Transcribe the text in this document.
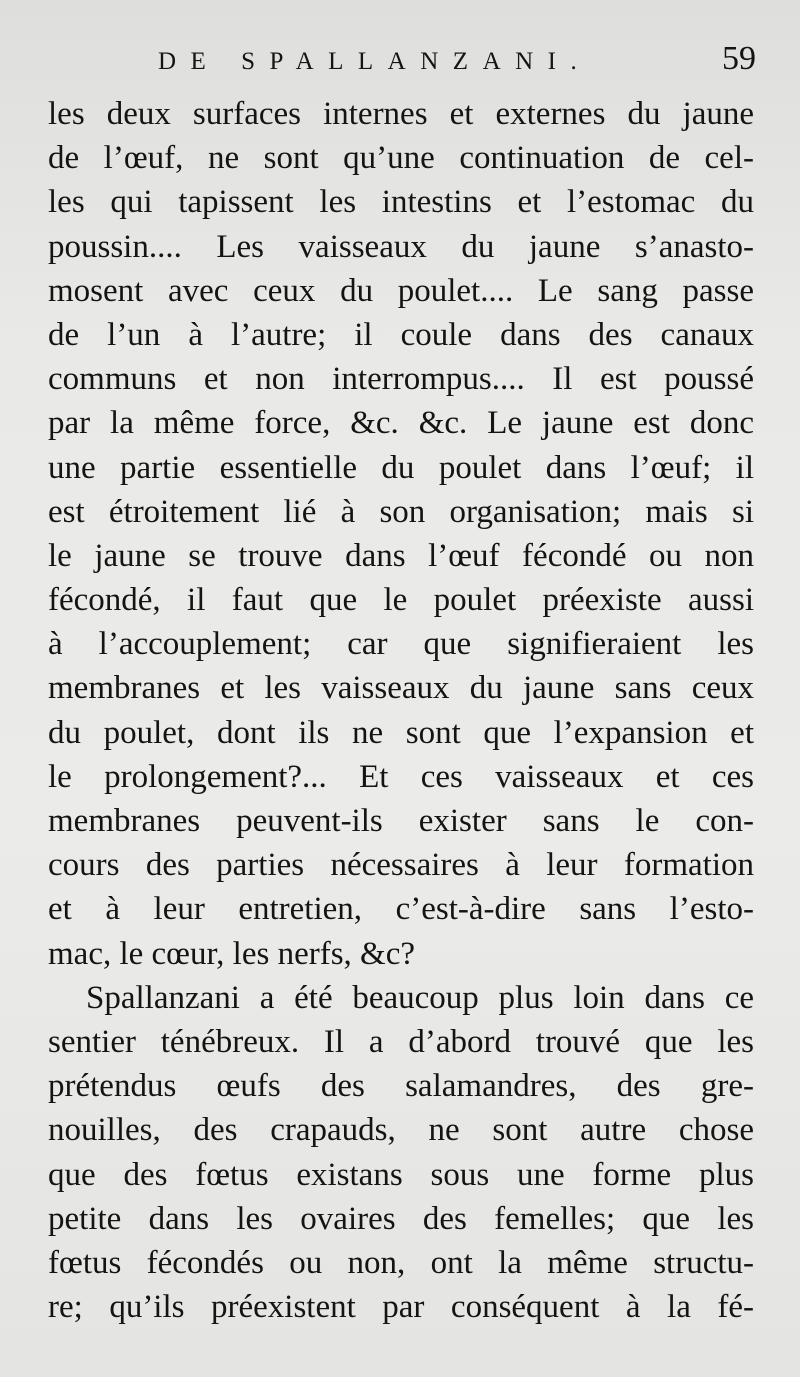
DE SPALLANZANI.	59
les deux surfaces internes et externes du jaune
de l’œuf, ne sont qu’une continuation de cel-
les qui tapissent les intestins et l’estomac du
poussin.... Les vaisseaux du jaune s’anasto-
mosent avec ceux du poulet.... Le sang passe
de l’un à l’autre; il coule dans des canaux
communs et non interrompus.... Il est poussé
par la même force, &c. &c. Le jaune est donc
une partie essentielle du poulet dans l’œuf; il
est étroitement lié à son organisation; mais si
le jaune se trouve dans l’œuf fécondé ou non
fécondé, il faut que le poulet préexiste aussi
à l’accouplement; car que signifieraient les
membranes et les vaisseaux du jaune sans ceux
du poulet, dont ils ne sont que l’expansion et
le prolongement?... Et ces vaisseaux et ces
membranes peuvent-ils exister sans le con-
cours des parties nécessaires à leur formation
et à leur entretien, c’est-à-dire sans l’esto-
mac, le cœur, les nerfs, &c?
Spallanzani a été beaucoup plus loin dans ce
sentier ténébreux. Il a d’abord trouvé que les
prétendus œufs des salamandres, des gre-
nouilles, des crapauds, ne sont autre chose
que des fœtus existans sous une forme plus
petite dans les ovaires des femelles; que les
fœtus fécondés ou non, ont la même structu-
re; qu’ils préexistent par conséquent à la fé-
